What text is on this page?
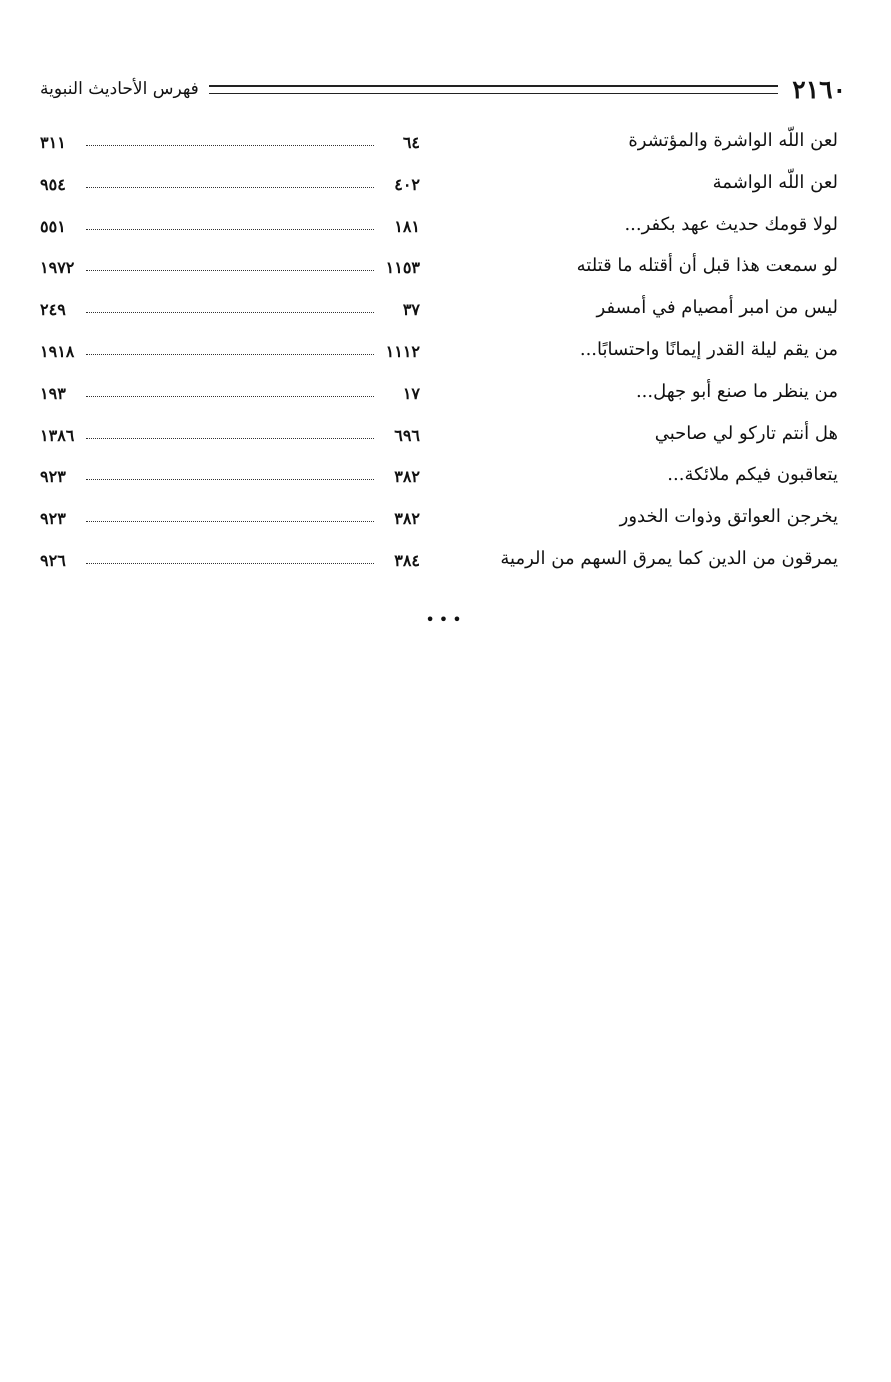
٢١٦٠
فهرس الأحاديث النبوية
لعن اللّه الواشرة والمؤتشرة
٣١١	٦٤
لعن اللّه الواشمة
٩٥٤	٤٠٢
لولا قومك حديث عهد بكفر...
٥٥١	١٨١
لو سمعت هذا قبل أن أقتله ما قتلته
١٩٧٢	١١٥٣
ليس من امبر أمصيام في أمسفر
٢٤٩	٣٧
من يقم ليلة القدر إيمانًا واحتسابًا...
١٩١٨	١١١٢
من ينظر ما صنع أبو جهل...
١٩٣	١٧
هل أنتم تاركو لي صاحبي
١٣٨٦	٦٩٦
يتعاقبون فيكم ملائكة...
٩٢٣	٣٨٢
يخرجن العواتق وذوات الخدور
٩٢٣	٣٨٢
يمرقون من الدين كما يمرق السهم من الرمية
٩٢٦	٣٨٤
•••
